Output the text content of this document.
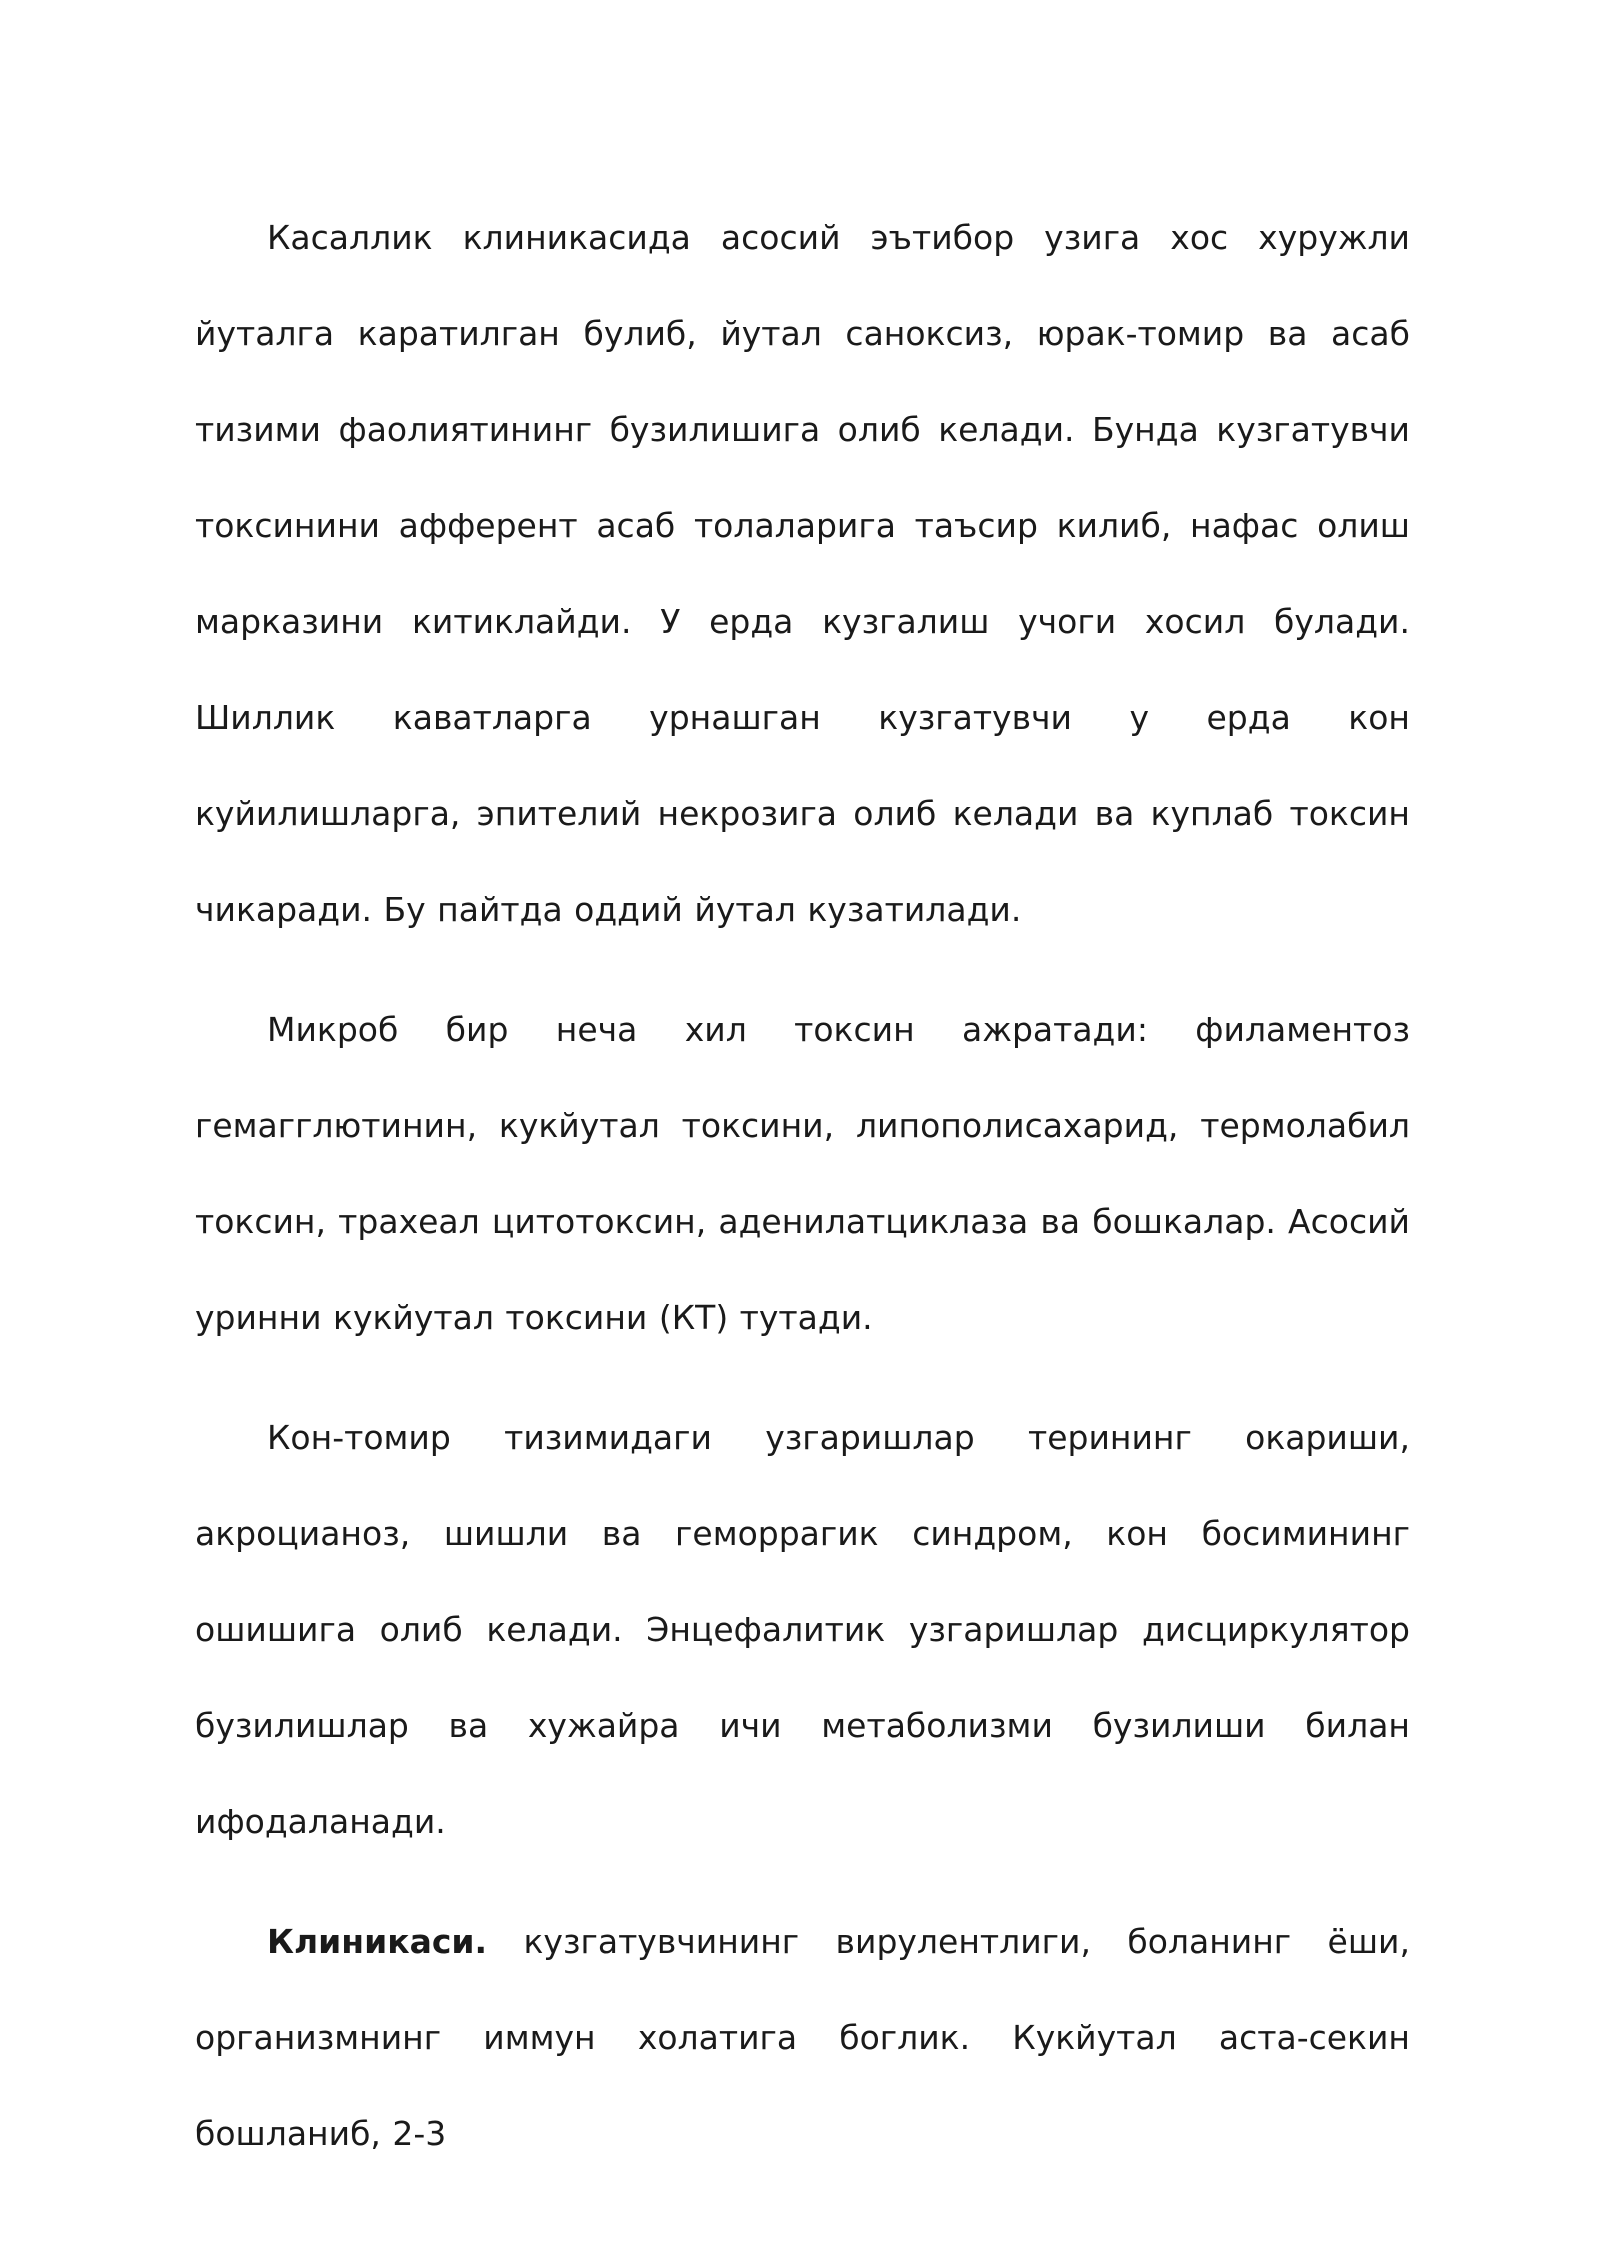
Касаллик клиникасида асосий эътибор узига хос хуружли йуталга каратилган булиб, йутал саноксиз, юрак-томир ва асаб тизими фаолиятининг бузилишига олиб келади. Бунда кузгатувчи токсинини афферент асаб толаларига таъсир килиб, нафас олиш марказини китиклайди. У ерда кузгалиш учоги хосил булади. Шиллик каватларга урнашган кузгатувчи у ерда кон куйилишларга, эпителий некрозига олиб келади ва куплаб токсин чикаради. Бу пайтда оддий йутал кузатилади.

Микроб бир неча хил токсин ажратади: филаментоз гемагглютинин, кукйутал токсини, липополисахарид, термолабил токсин, трахеал цитотоксин, аденилатциклаза ва бошкалар. Асосий уринни кукйутал токсини (КТ) тутади.

Кон-томир тизимидаги узгаришлар терининг окариши, акроцианоз, шишли ва геморрагик синдром, кон босимининг ошишига олиб келади. Энцефалитик узгаришлар дисциркулятор бузилишлар ва хужайра ичи метаболизми бузилиши билан ифодаланади.

Клиникаси. кузгатувчининг вирулентлиги, боланинг ёши, организмнинг иммун холатига боглик. Кукйутал аста-секин бошланиб, 2-3
